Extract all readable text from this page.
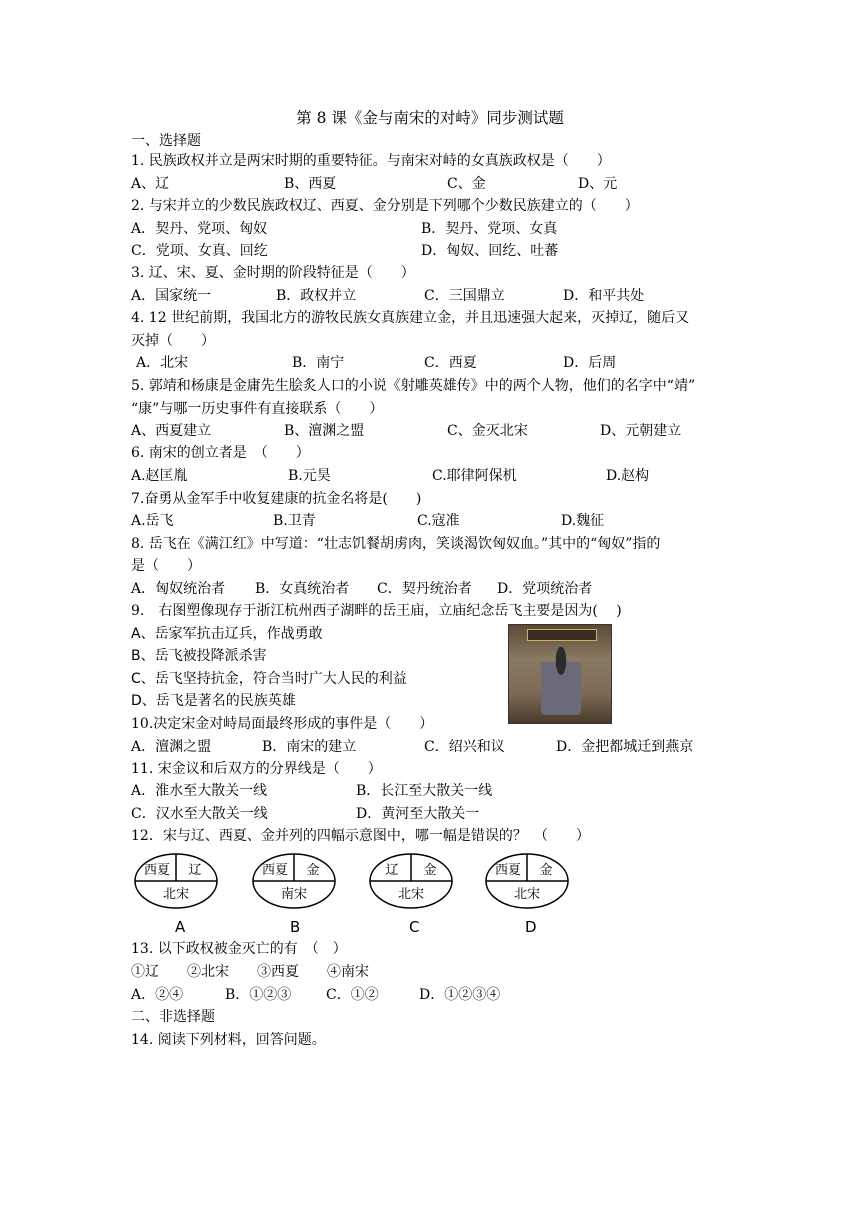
第 8 课《金与南宋的对峙》同步测试题
一、选择题
1. 民族政权并立是两宋时期的重要特征。与南宋对峙的女真族政权是（　　）
A、辽	B、西夏	C、金	D、元
2. 与宋并立的少数民族政权辽、西夏、金分别是下列哪个少数民族建立的（　　）
A．契丹、党项、匈奴	B．契丹、党项、女真
C．党项、女真、回纥	D．匈奴、回纥、吐蕃
3. 辽、宋、夏、金时期的阶段特征是（　　）
A．国家统一	B．政权并立	C．三国鼎立	D．和平共处
4. 12 世纪前期，我国北方的游牧民族女真族建立金，并且迅速强大起来，灭掉辽，随后又
灭掉（　　）
A．北宋	B．南宁	C．西夏	D．后周
5. 郭靖和杨康是金庸先生脍炙人口的小说《射雕英雄传》中的两个人物，他们的名字中“靖”
“康”与哪一历史事件有直接联系（　　）
A、西夏建立	B、澶渊之盟	C、金灭北宋	D、元朝建立
6. 南宋的创立者是　（　　）
A.赵匡胤	B.元昊	C.耶律阿保机	D.赵构
7.奋勇从金军手中收复建康的抗金名将是(　　)
A.岳飞	B.卫青	C.寇准	D.魏征
8. 岳飞在《满江红》中写道：“壮志饥餐胡虏肉，笑谈渴饮匈奴血。”其中的“匈奴”指的
是（　　）
A．匈奴统治者 B．女真统治者 C．契丹统治者 D．党项统治者
9.　右图塑像现存于浙江杭州西子湖畔的岳王庙，立庙纪念岳飞主要是因为(　 )
A、岳家军抗击辽兵，作战勇敢
B、岳飞被投降派杀害
C、岳飞坚持抗金，符合当时广大人民的利益
D、岳飞是著名的民族英雄
10.决定宋金对峙局面最终形成的事件是（　　）
A．澶渊之盟	B．南宋的建立	C．绍兴和议	D．金把都城迁到燕京
11. 宋金议和后双方的分界线是（　　）
A．淮水至大散关一线	B．长江至大散关一线
C．汉水至大散关一线	D．黄河至大散关一
12．宋与辽、西夏、金并列的四幅示意图中，哪一幅是错误的？　（　　）
西夏 辽
北宋
西夏 金
南宋
辽 金
北宋
西夏 金
北宋
A	B	C	D
13. 以下政权被金灭亡的有　（　）
①辽　　②北宋　　③西夏　　④南宋
A．②④	B．①②③ C．①②	D．①②③④
二、非选择题
14. 阅读下列材料，回答问题。
